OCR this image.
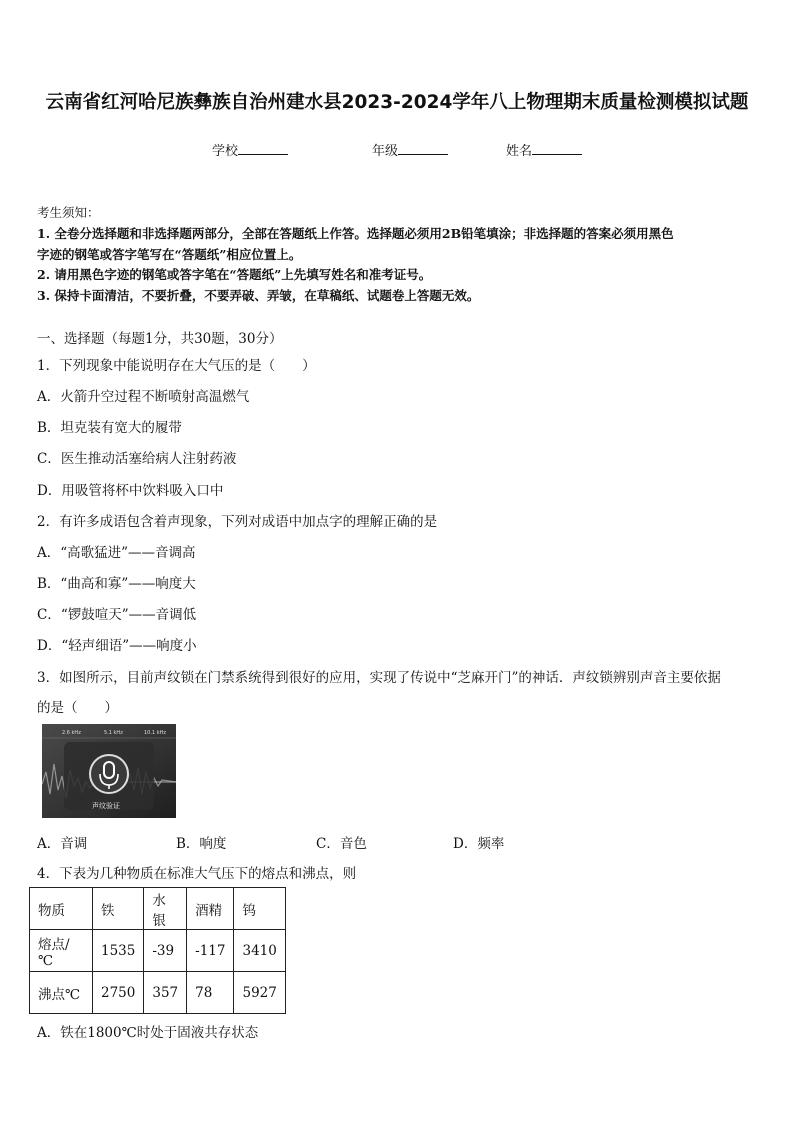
云南省红河哈尼族彝族自治州建水县2023-2024学年八上物理期末质量检测模拟试题
学校	年级	姓名
考生须知：
1. 全卷分选择题和非选择题两部分，全部在答题纸上作答。选择题必须用2B铅笔填涂；非选择题的答案必须用黑色
字迹的钢笔或答字笔写在“答题纸”相应位置上。
2. 请用黑色字迹的钢笔或答字笔在“答题纸”上先填写姓名和准考证号。
3. 保持卡面清洁，不要折叠，不要弄破、弄皱，在草稿纸、试题卷上答题无效。
一、选择题（每题1分，共30题，30分）
1．下列现象中能说明存在大气压的是（　　）
A．火箭升空过程不断喷射高温燃气
B．坦克装有宽大的履带
C．医生推动活塞给病人注射药液
D．用吸管将杯中饮料吸入口中
2．有许多成语包含着声现象，下列对成语中加点字的理解正确的是
A．“高歌猛进”——音调高
B．“曲高和寡”——响度大
C．“锣鼓喧天”——音调低
D．“轻声细语”——响度小
3．如图所示，目前声纹锁在门禁系统得到很好的应用，实现了传说中“芝麻开门”的神话．声纹锁辨别声音主要依据
的是（　　）
2.6 kHz	5.1 kHz	10.1 kHz
声纹验证
A．音调	B．响度	C．音色	D．频率
4．下表为几种物质在标准大气压下的熔点和沸点，则
物质	铁	水银	酒精	钨
熔点/℃	1535	-39	-117	3410
沸点℃	2750	357	78	5927
A．铁在1800℃时处于固液共存状态
